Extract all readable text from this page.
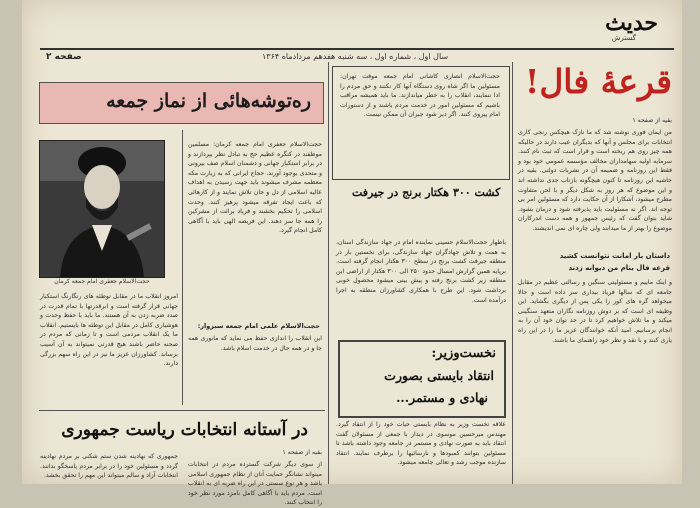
حدیث
گسترش
سال اول ، شماره اول ، سه شنبه هفدهم مردادماه ۱۳۶۴
صفحه ۲
قرعهٔ فال!
بقیه از صفحه ۱
من ایمان فوری نوشته شد که ما نازک هیچکس رنجی کاری انتخابات برای مجلس و آنها که بدیگران عیب دارند در حالیکه همه چیز روی هم ریخته است و قرار است که ثبت نام کنند. سرمایه اولیه سهامداران مخالف مؤسسه عمومی خود بود و فقط این روزنامه و ضمیمه آن در نشریات دولتی. بقیه در حاشیه این روزنامه تا کنون هیچگونه بازتاب جدی نداشته اند و این موضوع که هر روز به شکل دیگر و با لحن متفاوت مطرح میشود، آشکارا از آن حکایت دارد که مسئولین امر بی توجه اند. اگر نه مسئولیت باید پذیرفته شود و درمان بشود. شاید بتوان گفت که رئیس جمهور و همه دست اندرکاران موضوع را بهتر از ما میدانند ولی چاره ای نمی اندیشند.
داستان بار امانت نتوانست کشید
قرعه فال بنام من دیوانه زدند
و اینک ماییم و مسئولیتی سنگین و رسالتی عظیم در مقابل جامعه ای که سالها فریاد بیداری سر داده است و حالا میخواهد گره های کور را یکی پس از دیگری بگشاید. این وظیفه ای است که بر دوش روزنامه نگاران متعهد سنگینی میکند و ما تلاش خواهیم کرد تا در حد توان خود آن را به انجام برسانیم. امید آنکه خوانندگان عزیز ما را در این راه یاری کنند و با نقد و نظر خود راهنمای ما باشند.
حجت‌الاسلام انصاری کاشانی امام جمعه موقت تهران: مسئولین ما اگر شاه روی دستگاه آنها کار نکنند و حق مردم را ادا ننمایند، انقلاب را به خطر میاندازند. ما باید همیشه مراقب باشیم که مسئولین امور در خدمت مردم باشند و از دستورات امام پیروی کنند. اگر دیر شود جبران آن ممکن نیست.
کشت ۳۰۰ هکتار برنج در جیرفت
باطهار حجت‌الاسلام حسینی نماینده امام در جهاد سازندگی استان، به همت و تلاش جهادگران جهاد سازندگی، برای نخستین بار در منطقه جیرفت کشت برنج در سطح ۳۰۰ هکتار انجام گرفته است. برپایه همین گزارش امسال حدود ۲۵۰ الی ۳۰۰ هکتار از اراضی این منطقه زیر کشت برنج رفته و پیش بینی میشود محصول خوبی برداشت شود. این طرح با همکاری کشاورزان منطقه به اجرا درآمده است.
نخست‌وزیر:
انتقاد بایستی بصورت
نهادی و مستمر...
علاقه نخست وزیر به نظام بایستی حیات خود را از انتقاد گیرد. مهندس میرحسین موسوی در دیدار با جمعی از مسئولان گفت انتقاد باید به صورت نهادی و مستمر در جامعه وجود داشته باشد تا مسئولین بتوانند کمبودها و نارسائیها را برطرف نمایند. انتقاد سازنده موجب رشد و تعالی جامعه میشود.
ره‌توشه‌هائی از نماز جمعه
حجت‌الاسلام جعفری امام جمعه کرمان
حجت‌الاسلام جعفری امام جمعه کرمان: مسلمین موظفند در کنگره عظیم حج به تبادل نظر بپردازند و در برابر استکبار جهانی و دشمنان اسلام صف بیرونی و متحدی بوجود آورند. حجاج ایرانی که به زیارت مکه معظمه مشرف میشوند باید جهت رسیدن به اهداف عالیه اسلامی از دل و جان تلاش نمایند و از کارهائی که باعث ایجاد تفرقه میشود پرهیز کنند. وحدت اسلامی را تحکیم بخشند و فریاد برائت از مشرکین را همه جا سر دهند. این فریضه الهی باید با آگاهی کامل انجام گیرد.
امروز انقلاب ما در مقابل توطئه های رنگارنگ استکبار جهانی قرار گرفته است و ابرقدرتها با تمام قدرت در صدد ضربه زدن به آن هستند. ما باید با حفظ وحدت و هوشیاری کامل در مقابل این توطئه ها بایستیم. انقلاب ما یک انقلاب مردمی است و تا زمانی که مردم در صحنه حاضر باشند هیچ قدرتی نمیتواند به آن آسیب برساند. کشاورزان عزیز ما نیز در این راه سهم بزرگی دارند.
حجت‌الاسلام علمی امام جمعه سبزوار:
این انقلاب را اندازی حفظ می نماید که مانوری همه جا و در همه حال در خدمت اسلام باشد.
در آستانه انتخابات ریاست جمهوری
بقیه از صفحه ۱
از سوی دیگر شرکت گسترده مردم در انتخابات میتواند نشانگر حمایت آنان از نظام جمهوری اسلامی باشد و هر نوع سستی در این راه ضربه ای به انقلاب است. مردم باید با آگاهی کامل نامزد مورد نظر خود را انتخاب کنند.
جمهوری که نهادینه شدن ستم شکنی بر مردم نهادینه گردد و مسئولین خود را در برابر مردم پاسخگو بدانند. انتخابات آزاد و سالم میتواند این مهم را تحقق بخشد.
